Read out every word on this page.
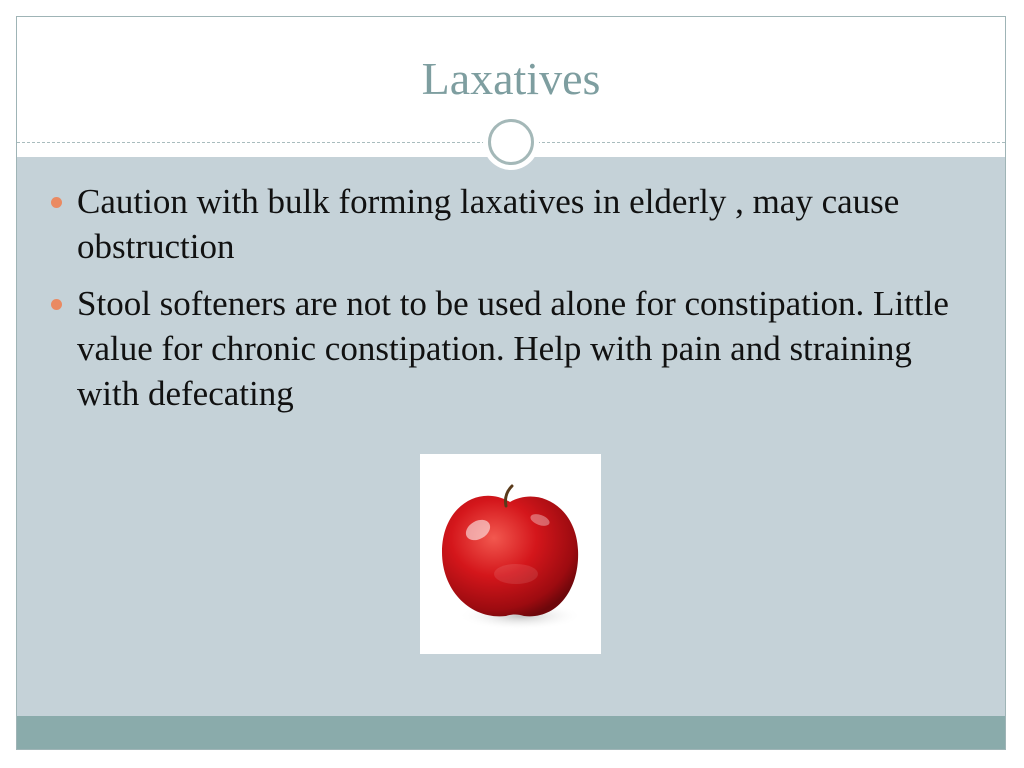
Laxatives
Caution with bulk forming laxatives in elderly , may cause obstruction
Stool softeners are not to be used alone for constipation. Little value for chronic constipation. Help with pain and straining with defecating
